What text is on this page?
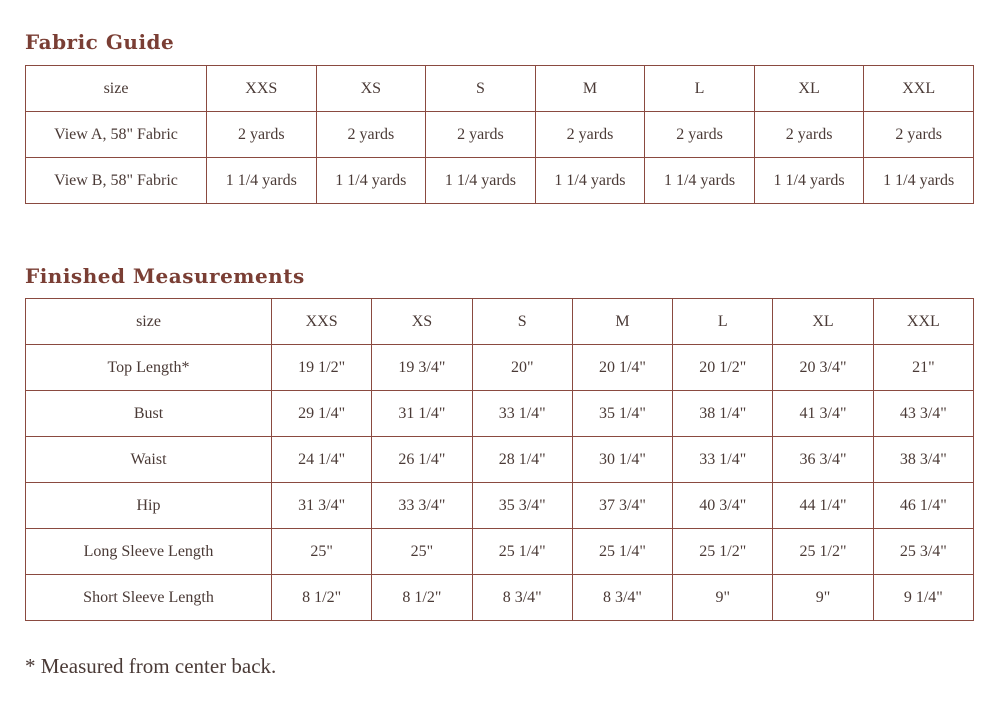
Fabric Guide
size	XXS	XS	S	M	L	XL	XXL
View A, 58" Fabric	2 yards	2 yards	2 yards	2 yards	2 yards	2 yards	2 yards
View B, 58" Fabric	1 1/4 yards	1 1/4 yards	1 1/4 yards	1 1/4 yards	1 1/4 yards	1 1/4 yards	1 1/4 yards
Finished Measurements
size	XXS	XS	S	M	L	XL	XXL
Top Length*	19 1/2"	19 3/4"	20"	20 1/4"	20 1/2"	20 3/4"	21"
Bust	29 1/4"	31 1/4"	33 1/4"	35 1/4"	38 1/4"	41 3/4"	43 3/4"
Waist	24 1/4"	26 1/4"	28 1/4"	30 1/4"	33 1/4"	36 3/4"	38 3/4"
Hip	31 3/4"	33 3/4"	35 3/4"	37 3/4"	40 3/4"	44 1/4"	46 1/4"
Long Sleeve Length	25"	25"	25 1/4"	25 1/4"	25 1/2"	25 1/2"	25 3/4"
Short Sleeve Length	8 1/2"	8 1/2"	8 3/4"	8 3/4"	9"	9"	9 1/4"
* Measured from center back.
